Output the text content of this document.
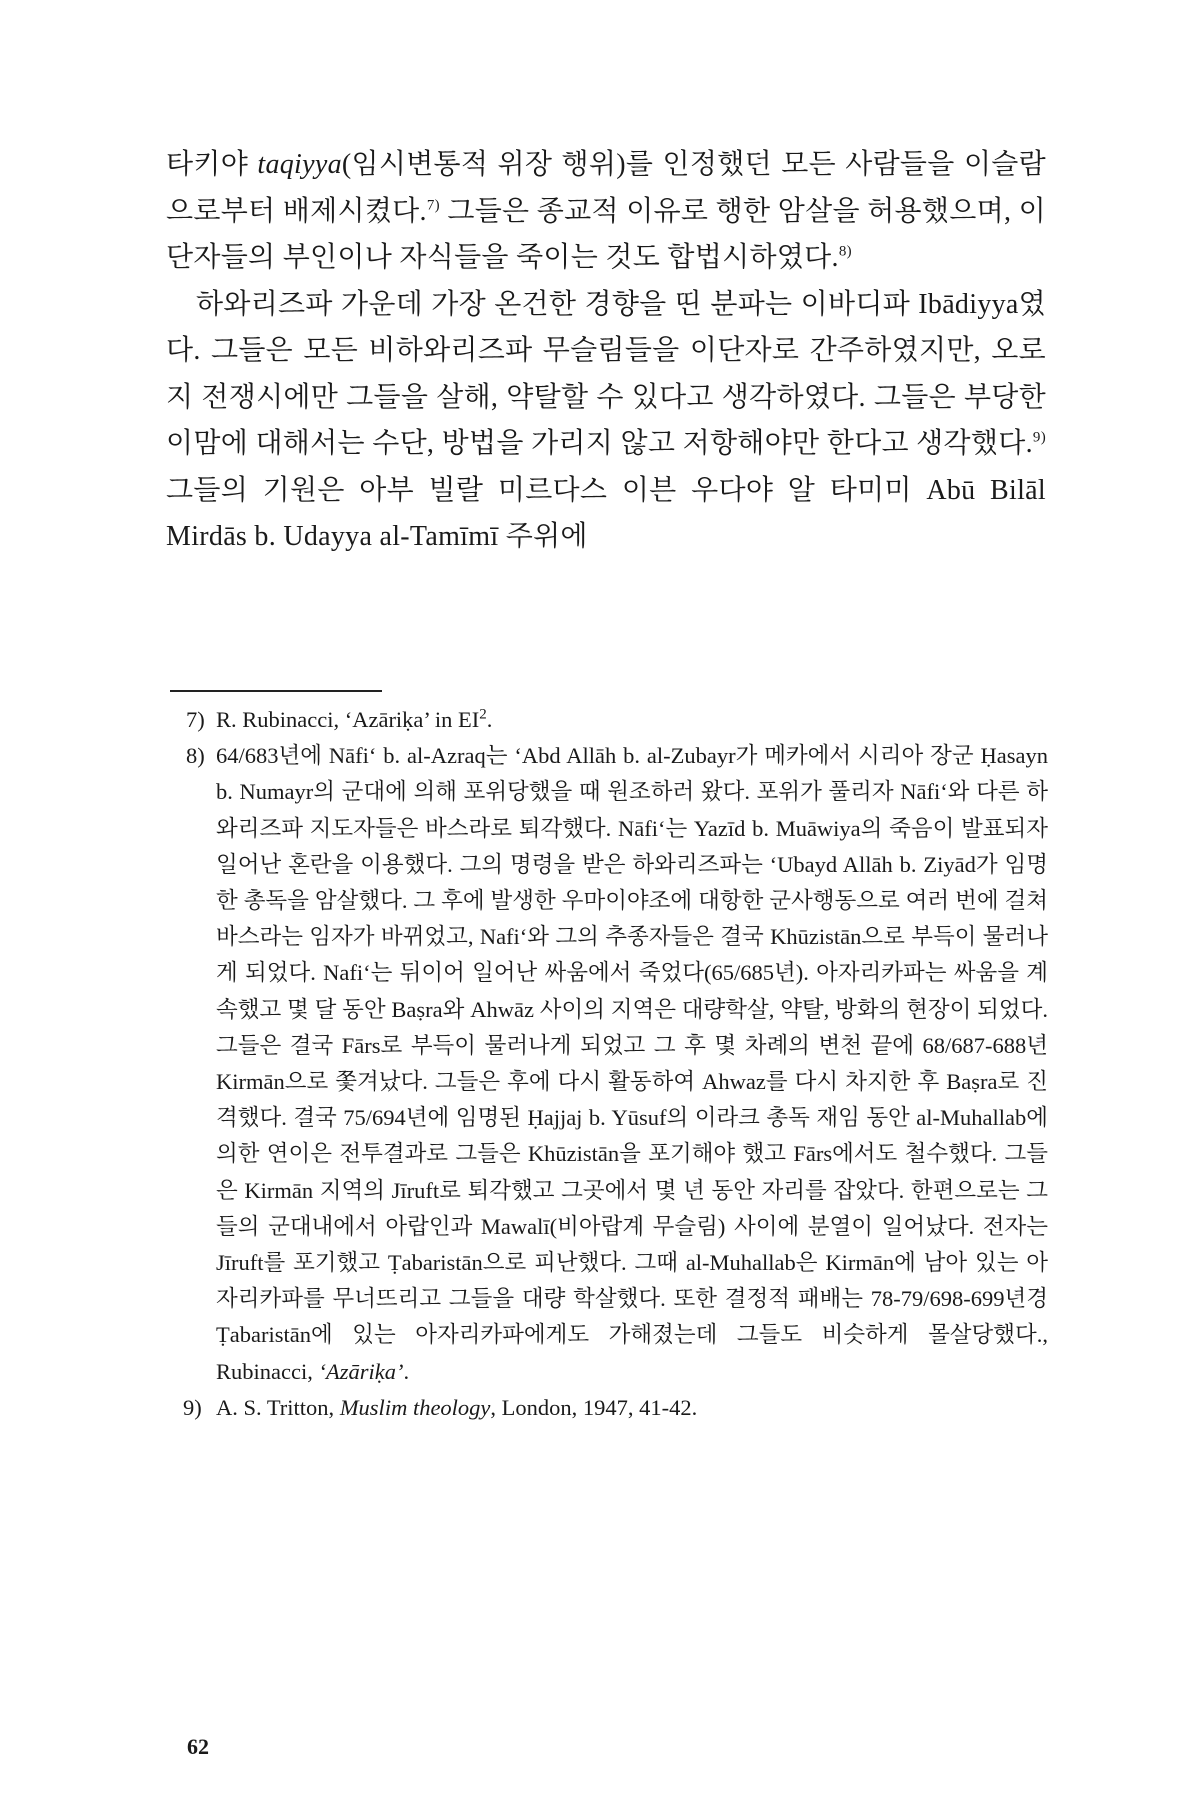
타키야 taqiyya(임시변통적 위장 행위)를 인정했던 모든 사람들을 이슬람으로부터 배제시켰다.$^{7)}$ 그들은 종교적 이유로 행한 암살을 허용했으며, 이단자들의 부인이나 자식들을 죽이는 것도 합법시하였다.$^{8)}$

하와리즈파 가운데 가장 온건한 경향을 띤 분파는 이바디파 Ibādiyya였다. 그들은 모든 비하와리즈파 무슬림들을 이단자로 간주하였지만, 오로지 전쟁시에만 그들을 살해, 약탈할 수 있다고 생각하였다. 그들은 부당한 이맘에 대해서는 수단, 방법을 가리지 않고 저항해야만 한다고 생각했다.$^{9)}$ 그들의 기원은 아부 빌랄 미르다스 이븐 우다야 알 타미미 Abū Bilāl Mirdās b. Udayya al-Tamīmī 주위에

7) R. Rubinacci, ‘Azāriḳa’ in $EI^2$.

8) 64/683년에 Nāfi‘ b. al-Azraq는 ‘Abd Allāh b. al-Zubayr가 메카에서 시리아 장군 Ḥasayn b. Numayr의 군대에 의해 포위당했을 때 원조하러 왔다. 포위가 풀리자 Nāfi‘와 다른 하와리즈파 지도자들은 바스라로 퇴각했다. Nāfi‘는 Yazīd b. Muāwiya의 죽음이 발표되자 일어난 혼란을 이용했다. 그의 명령을 받은 하와리즈파는 ‘Ubayd Allāh b. Ziyād가 임명한 총독을 암살했다. 그 후에 발생한 우마이야조에 대항한 군사행동으로 여러 번에 걸쳐 바스라는 임자가 바뀌었고, Nafi‘와 그의 추종자들은 결국 Khūzistān으로 부득이 물러나게 되었다. Nafi‘는 뒤이어 일어난 싸움에서 죽었다(65/685년). 아자리카파는 싸움을 계속했고 몇 달 동안 Baṣra와 Ahwāz 사이의 지역은 대량학살, 약탈, 방화의 현장이 되었다. 그들은 결국 Fārs로 부득이 물러나게 되었고 그 후 몇 차례의 변천 끝에 68/687-688년 Kirmān으로 쫓겨났다. 그들은 후에 다시 활동하여 Ahwaz를 다시 차지한 후 Baṣra로 진격했다. 결국 75/694년에 임명된 Ḥajjaj b. Yūsuf의 이라크 총독 재임 동안 al-Muhallab에 의한 연이은 전투결과로 그들은 Khūzistān을 포기해야 했고 Fārs에서도 철수했다. 그들은 Kirmān 지역의 Jīruft로 퇴각했고 그곳에서 몇 년 동안 자리를 잡았다. 한편으로는 그들의 군대내에서 아랍인과 Mawalī(비아랍계 무슬림) 사이에 분열이 일어났다. 전자는 Jīruft를 포기했고 Ṭabaristān으로 피난했다. 그때 al-Muhallab은 Kirmān에 남아 있는 아자리카파를 무너뜨리고 그들을 대량 학살했다. 또한 결정적 패배는 78-79/698-699년경 Ṭabaristān에 있는 아자리카파에게도 가해졌는데 그들도 비슷하게 몰살당했다., Rubinacci, ‘Azāriḳa’.

9) A. S. Tritton, Muslim theology, London, 1947, 41-42.

62
